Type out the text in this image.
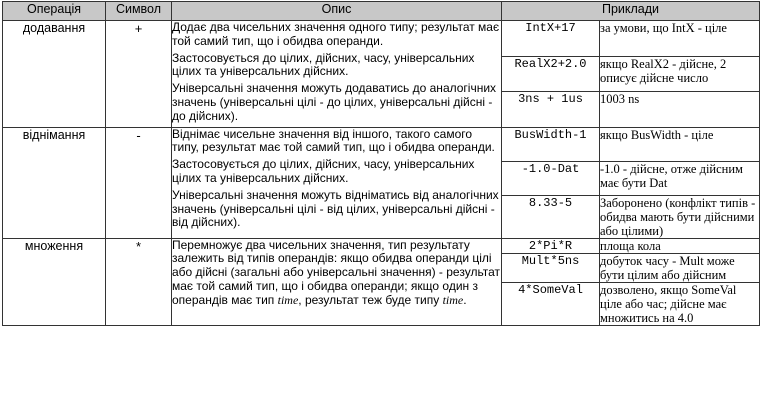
Операція	Символ	Опис	Приклади	
додавання	+	Додає два чисельних значення одного типу; результат має той самий тип, що і обидва операнди.

Застосовується до цілих, дійсних, часу, універсальних цілих та універсальних дійсних.

Універсальні значення можуть додаватись до аналогічних значень (універсальні цілі - до цілих, універсальні дійсні - до дійсних).	IntX+17	за умови, що IntX - ціле
			RealX2+2.0	якщо RealX2 - дійсне, 2 описує дійсне число
			3ns + 1us	1003 ns
віднімання	-	Віднімає чисельне значення від іншого, такого самого типу, результат має той самий тип, що і обидва операнди.

Застосовується до цілих, дійсних, часу, універсальних цілих та універсальних дійсних.

Універсальні значення можуть відніматись від аналогічних значень (універсальні цілі - від цілих, універсальні дійсні - від дійсних).	BusWidth-1	якщо BusWidth - ціле
			-1.0-Dat	-1.0 - дійсне, отже дійсним має бути Dat
			8.33-5	Заборонено (конфлікт типів - обидва мають бути дійсними або цілими)
множення	*	Перемножує два чисельних значення, тип результату залежить від типів операндів: якщо обидва операнди цілі або дійсні (загальні або універсальні значення) - результат має той самий тип, що і обидва операнди; якщо один з операндів має тип time, результат теж буде типу time.	2*Pi*R	площа кола
			Mult*5ns	добуток часу - Mult може бути цілим або дійсним
			4*SomeVal	дозволено, якщо SomeVal ціле або час; дійсне має множитись на 4.0
